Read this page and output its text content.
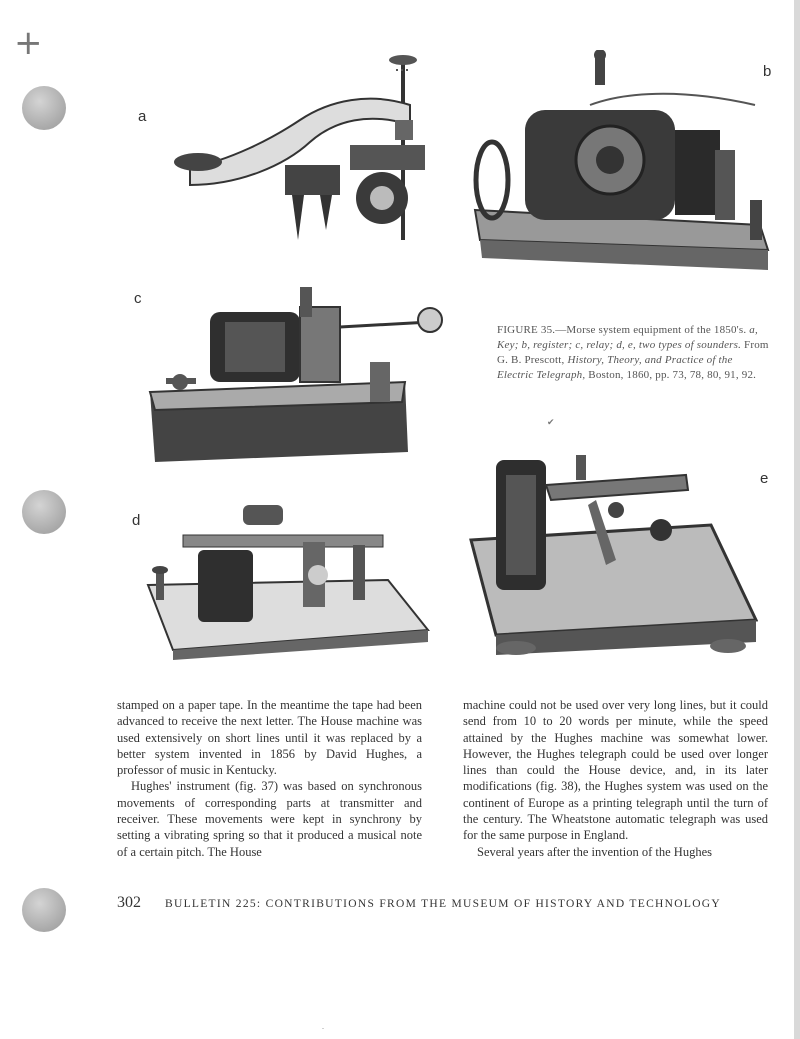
+
a
b
c
FIGURE 35.—Morse system equipment of the 1850's. a, Key; b, register; c, relay; d, e, two types of sounders. From G. B. Prescott, History, Theory, and Practice of the Electric Telegraph, Boston, 1860, pp. 73, 78, 80, 91, 92.
✔
d
e

stamped on a paper tape. In the meantime the tape had been advanced to receive the next letter. The House machine was used extensively on short lines until it was replaced by a better system invented in 1856 by David Hughes, a professor of music in Kentucky.

Hughes' instrument (fig. 37) was based on synchronous movements of corresponding parts at transmitter and receiver. These movements were kept in synchrony by setting a vibrating spring so that it produced a musical note of a certain pitch. The House

machine could not be used over very long lines, but it could send from 10 to 20 words per minute, while the speed attained by the Hughes machine was somewhat lower. However, the Hughes telegraph could be used over longer lines than could the House device, and, in its later modifications (fig. 38), the Hughes system was used on the continent of Europe as a printing telegraph until the turn of the century. The Wheatstone automatic telegraph was used for the same purpose in England.

Several years after the invention of the Hughes

302 BULLETIN 225: CONTRIBUTIONS FROM THE MUSEUM OF HISTORY AND TECHNOLOGY
.
